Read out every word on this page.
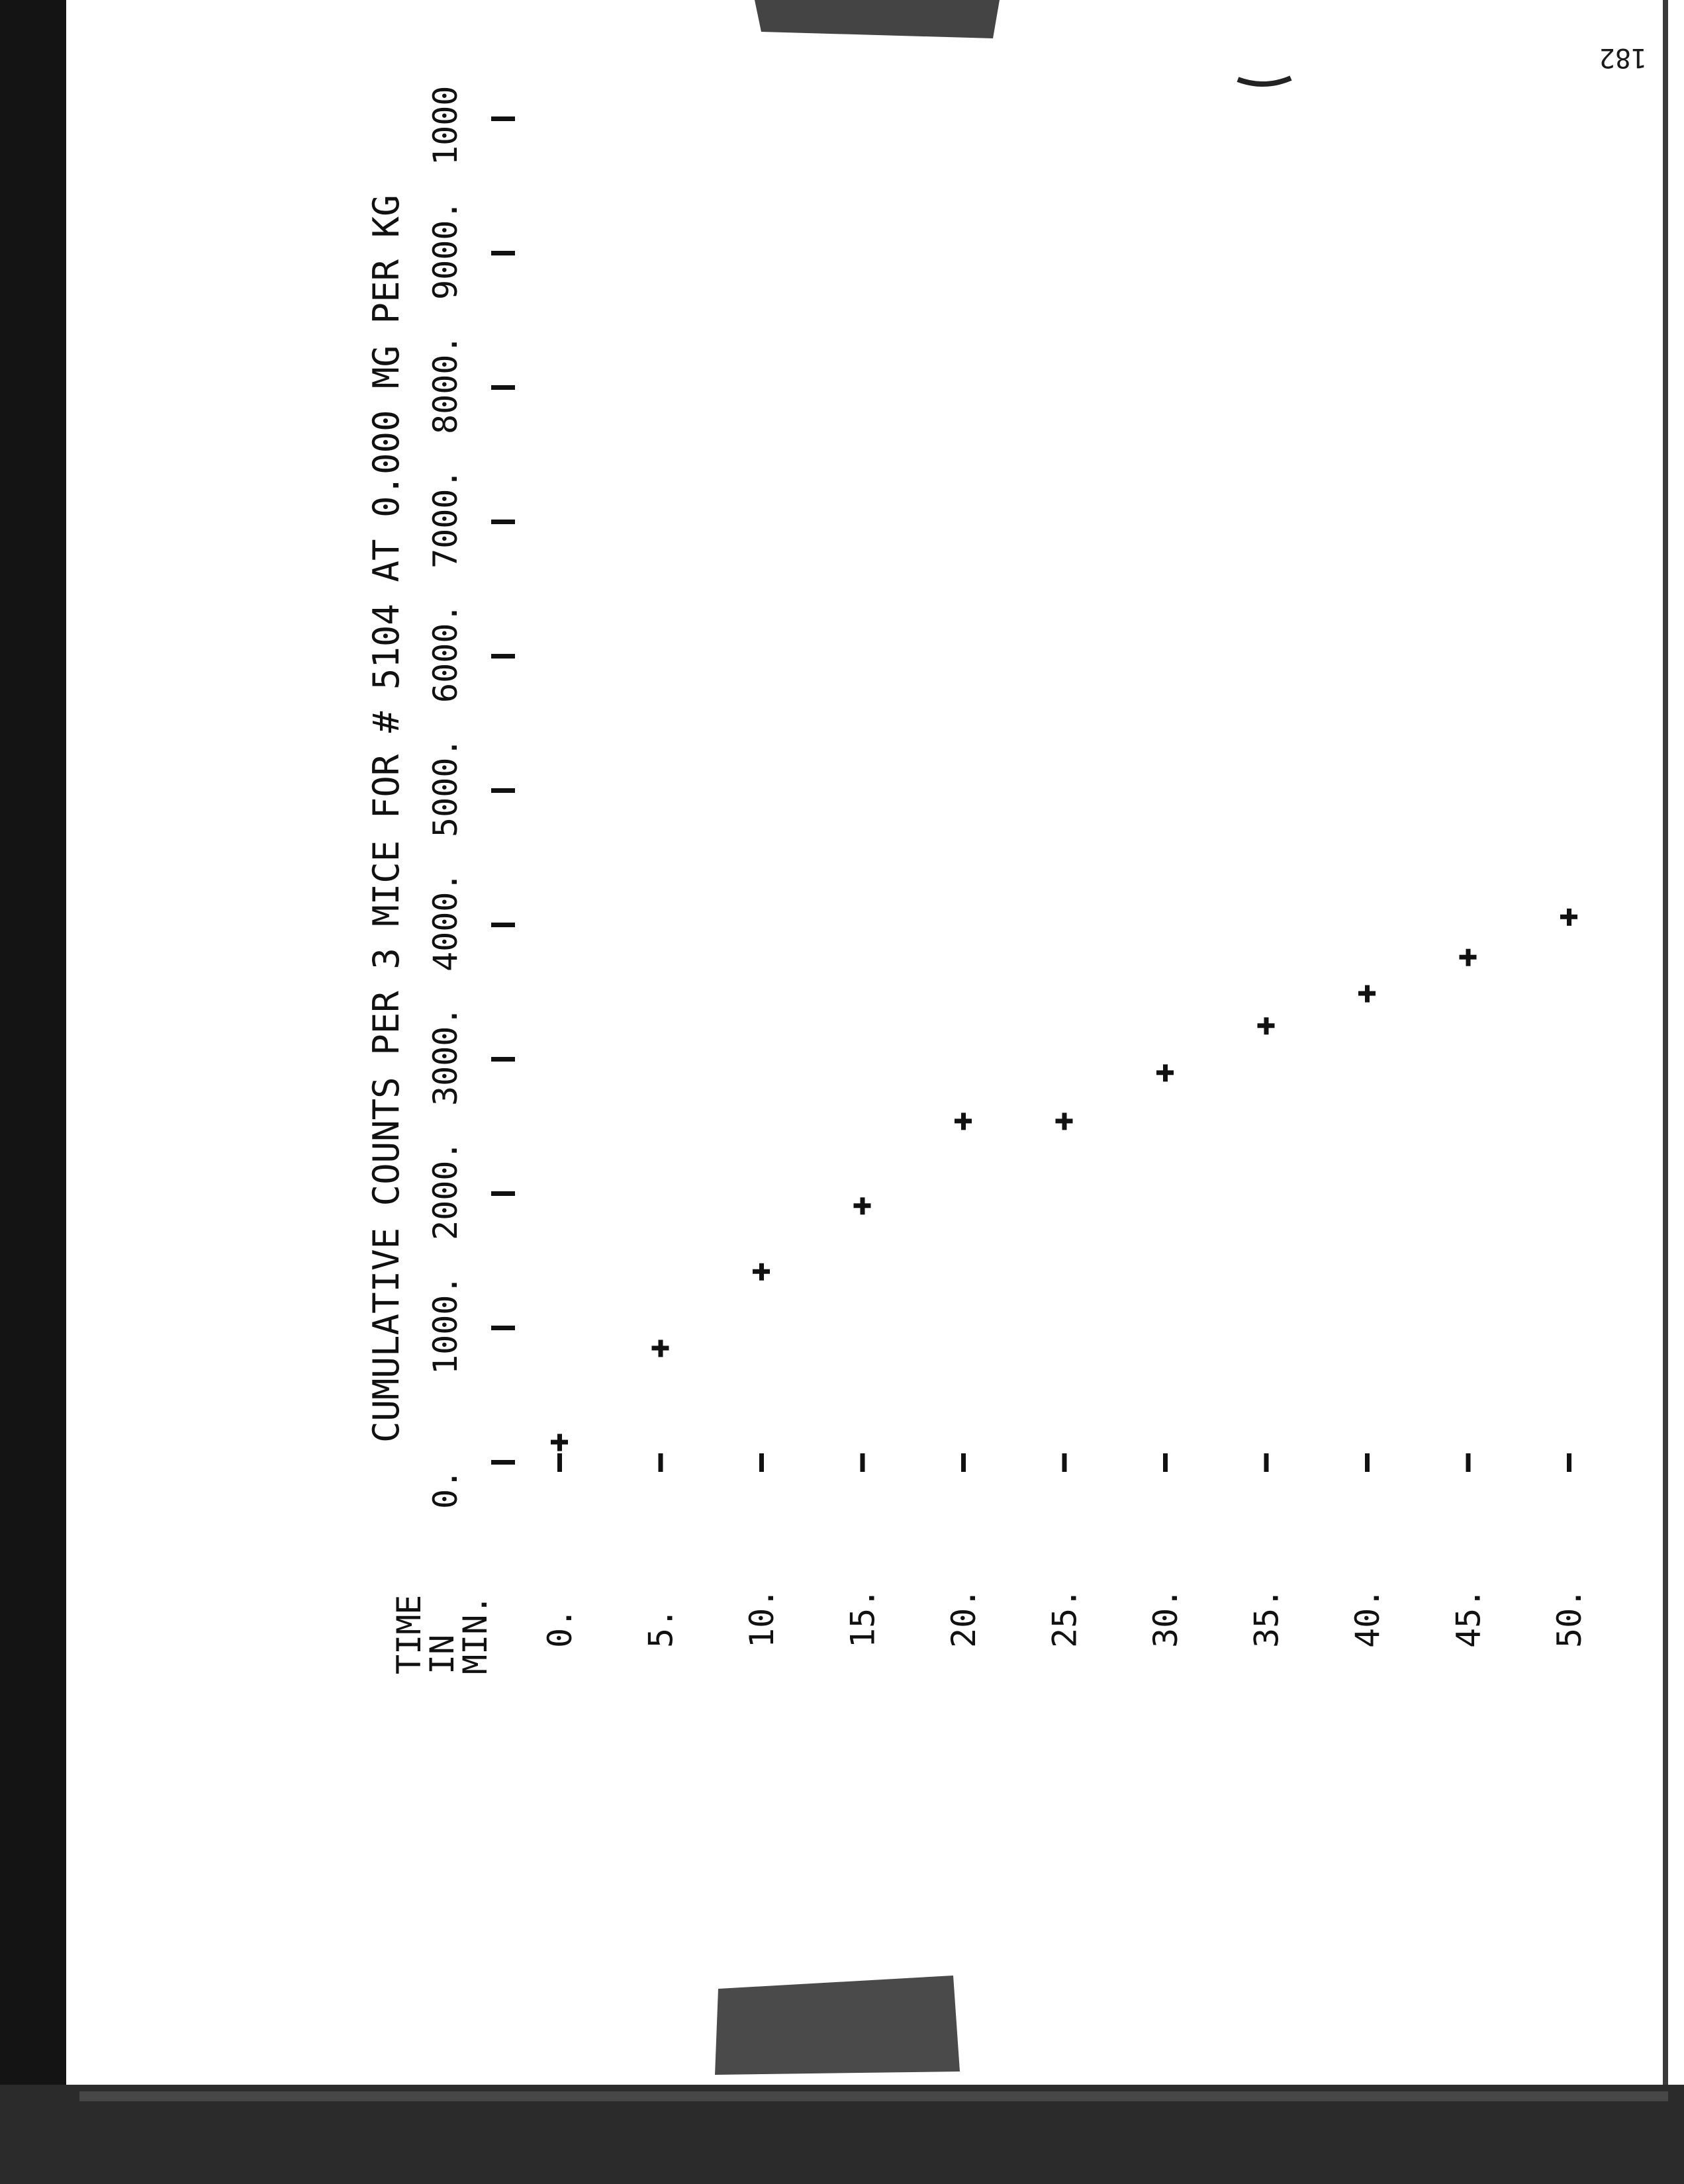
182
CUMULATIVE COUNTS PER 3 MICE FOR # 5104 AT 0.000 MG PER KG
TIME
IN
MIN.
0.
1000.
2000.
3000.
4000.
5000.
6000.
7000.
8000.
9000.
1000
0. 5. 10. 15. 20. 25. 30. 35. 40. 45. 50.
